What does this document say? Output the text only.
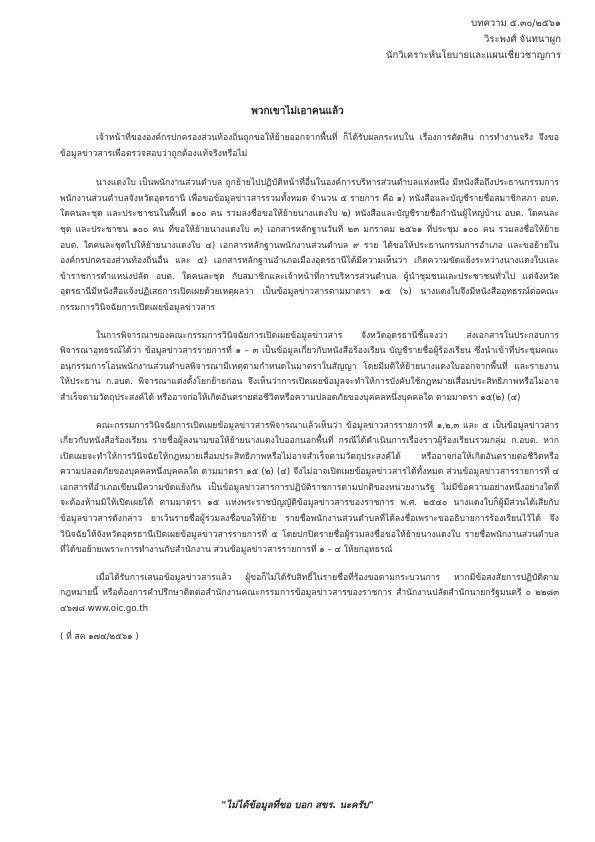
บทความ ๕.๓๐/๒๕๖๑
วิระพงศ์ จันทนาผูก
นักวิเคราะห์นโยบายและแผนเชี่ยวชาญการ
พวกเขาไม่เอาคนแล้ว

เจ้าหน้าที่ขององค์กรปกครองส่วนท้องถิ่นถูกขอให้ย้ายออกจากพื้นที่ ก็ได้รับผลกระทบใน เรื่องการตัดสิน การทำงานจริง จึงขอข้อมูลข่าวสารเพื่อตรวจสอบว่าถูกต้องแท้จริงหรือไม่

นางแดงใบ เป็นพนักงานส่วนตำบล ถูกย้ายไปปฏิบัติหน้าที่อื่นในองค์การบริหารส่วนตำบลแห่งหนึ่ง มีหนังสือถึงประธานกรรมการพนักงานส่วนตำบลจังหวัดอุดรธานี เพื่อขอข้อมูลข่าวสารรวมทั้งหมด จำนวน ๕ รายการ คือ ๑) หนังสือและบัญชีรายชื่อสมาชิกสภา อบต. ใดคนละชุด และประชาชนในพื้นที่ ๑๐๐ คน รวมลงชื่อขอให้ย้ายนางแดงใบ ๒) หนังสือและบัญชีรายชื่อกำนันผู้ใหญ่บ้าน อบต. ใดคนละชุด และประชาชน ๑๐๐ คน ที่ขอให้ย้ายนางแดงใบ ๓) เอกสารหลักฐานวันที่ ๒๓ มกราคม ๒๕๖๑ ที่ประชุม ๑๐๐ คน รวมลงชื่อให้ย้าย อบต. ใดคนละชุดไปให้ย้ายนางแดงใบ ๔) เอกสารหลักฐานพนักงานส่วนตำบล ๙ ราย ได้ขอให้ประธานกรรมการอำเภอ และขอย้ายในองค์กรปกครองส่วนท้องถิ่นอื่น และ ๕) เอกสารหลักฐานอำเภอเมืองอุดรธานีได้มีความเห็นว่า เกิดความขัดแย้งระหว่างนางแดงใบและข้าราชการตำแหน่งปลัด อบต. ใดคนละชุด กับสมาชิกและเจ้าหน้าที่การบริหารส่วนตำบล ผู้นำชุมชนและประชาชนทั่วไป แต่จังหวัดอุดรธานีมีหนังสือแจ้งปฏิเสธการเปิดเผยด้วยเหตุผลว่า เป็นข้อมูลข่าวสารตามมาตรา ๑๕ (๖) นางแดงใบจึงมีหนังสืออุทธรณ์ต่อคณะกรรมการวินิจฉัยการเปิดเผยข้อมูลข่าวสาร

ในการพิจารณาของคณะกรรมการวินิจฉัยการเปิดเผยข้อมูลข่าวสาร จังหวัดอุดรธานีชี้แจงว่า ส่งเอกสารในประกอบการพิจารณาอุทธรณ์ได้ว่า ข้อมูลข่าวสารรายการที่ ๑ – ๓ เป็นข้อมูลเกี่ยวกับหนังสือร้องเรียน บัญชีรายชื่อผู้ร้องเรียน ซึ่งนำเข้าที่ประชุมคณะอนุกรรมการโอนพนักงานส่วนตำบลพิจารณามีเหตุตามกำหนดในมาตราในสัญญา โดยมีมติให้ย้ายนางแดงใบออกจากพื้นที่ และรายงานให้ประธาน ก.อบต. พิจารณาแต่งตั้งโยกย้ายก่อน จึงเห็นว่าการเปิดเผยข้อมูลจะทำให้การบังคับใช้กฎหมายเสื่อมประสิทธิภาพหรือไม่อาจสำเร็จตามวัตถุประสงค์ได้ หรืออาจก่อให้เกิดอันตรายต่อชีวิตหรือความปลอดภัยของบุคคลหนึ่งบุคคลใด ตามมาตรา ๑๕(๒) (๔)

คณะกรรมการวินิจฉัยการเปิดเผยข้อมูลข่าวสารพิจารณาแล้วเห็นว่า ข้อมูลข่าวสารรายการที่ ๑,๒,๓ และ ๕ เป็นข้อมูลข่าวสารเกี่ยวกับหนังสือร้องเรียน รายชื่อผู้ลงนามขอให้ย้ายนางแดงใบออกนอกพื้นที่ กรณีได้ดำเนินการเรื่องราวผู้ร้องเรียนรวมกลุ่ม ก.อบต. หากเปิดเผยจะทำให้การวินิจฉัยให้กฎหมายเสื่อมประสิทธิภาพหรือไม่อาจสำเร็จตามวัตถุประสงค์ได้ หรืออาจก่อให้เกิดอันตรายต่อชีวิตหรือความปลอดภัยของบุคคลหนึ่งบุคคลใด ตามมาตรา ๑๕ (๒) (๔) จึงไม่อาจเปิดเผยข้อมูลข่าวสารได้ทั้งหมด ส่วนข้อมูลข่าวสารรายการที่ ๔ เอกสารที่อำเภอเขียนมีความขัดแย้งกัน เป็นข้อมูลข่าวสารการปฏิบัติราชการตามปกติของหน่วยงานรัฐ ไม่มีข้อความอย่างหนึ่งอย่างใดที่จะต้องห้ามมิให้เปิดเผยได้ ตามมาตรา ๑๕ แห่งพระราชบัญญัติข้อมูลข่าวสารของราชการ พ.ศ. ๒๕๔๐ นางแดงใบก็ผู้มีส่วนได้เสียกับข้อมูลข่าวสารดังกล่าว ยาเว้นรายชื่อผู้ร่วมลงชื่อขอให้ย้าย รายชื่อพนักงานส่วนตำบลที่ได้ลงชื่อเพราะขออธิบายการร้องเรียนไว้ได้ จึงวินิจฉัยให้จังหวัดอุดรธานีเปิดเผยข้อมูลข่าวสารรายการที่ ๕ โดยปกปิดรายชื่อผู้ร่วมลงชื่อขอให้ย้ายนางแดงใบ รายชื่อพนักงานส่วนตำบลที่ได้ขอย้ายเพราะการทำงานกับสำนักงาน ส่วนข้อมูลข่าวสารรายการที่ ๑ – ๔ ให้ยกอุทธรณ์

เมื่อได้รับการเสนอข้อมูลข่าวสารแล้ว ผู้ขอก็ไม่ได้รับสิทธิ์ในรายชื่อที่ร้องขอตามกระบวนการ หากมีข้อสงสัยการปฏิบัติตามกฎหมายนี้ หรือต้องการคำปรึกษาติดต่อสำนักงานคณะกรรมการข้อมูลข่าวสารของราชการ สำนักงานปลัดสำนักนายกรัฐมนตรี ๐ ๒๒๘๓ ๔๖๗๘ www.oic.go.th

( ที่ สค ๑๗๔/๒๕๖๑ )

"ไม่ได้ข้อมูลที่ขอ บอก สขร. นะครับ"
